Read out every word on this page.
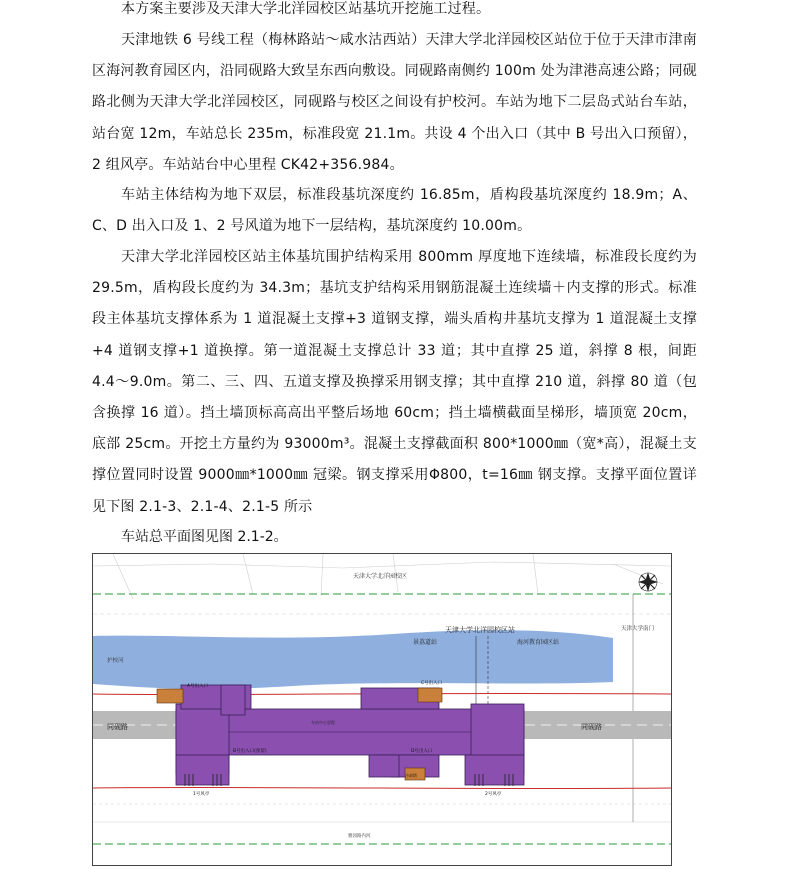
本方案主要涉及天津大学北洋园校区站基坑开挖施工过程。

天津地铁 6 号线工程（梅林路站～咸水沽西站）天津大学北洋园校区站位于位于天津市津南区海河教育园区内，沿同砚路大致呈东西向敷设。同砚路南侧约 100m 处为津港高速公路；同砚路北侧为天津大学北洋园校区，同砚路与校区之间设有护校河。车站为地下二层岛式站台车站，站台宽 12m，车站总长 235m，标准段宽 21.1m。共设 4 个出入口（其中 B 号出入口预留），2 组风亭。车站站台中心里程 CK42+356.984。

车站主体结构为地下双层，标准段基坑深度约 16.85m，盾构段基坑深度约 18.9m；A、C、D 出入口及 1、2 号风道为地下一层结构，基坑深度约 10.00m。

天津大学北洋园校区站主体基坑围护结构采用 800mm 厚度地下连续墙，标准段长度约为 29.5m，盾构段长度约为 34.3m；基坑支护结构采用钢筋混凝土连续墙＋内支撑的形式。标准段主体基坑支撑体系为 1 道混凝土支撑+3 道钢支撑，端头盾构井基坑支撑为 1 道混凝土支撑+4 道钢支撑+1 道换撑。第一道混凝土支撑总计 33 道；其中直撑 25 道，斜撑 8 根，间距 4.4～9.0m。第二、三、四、五道支撑及换撑采用钢支撑；其中直撑 210 道，斜撑 80 道（包含换撑 16 道）。挡土墙顶标高高出平整后场地 60cm；挡土墙横截面呈梯形，墙顶宽 20cm，底部 25cm。开挖土方量约为 93000m³。混凝土支撑截面积 800*1000㎜（宽*高），混凝土支撑位置同时设置 9000㎜*1000㎜ 冠梁。钢支撑采用Φ800，t=16㎜ 钢支撑。支撑平面位置详见下图 2.1-3、2.1-4、2.1-5 所示

车站总平面图见图 2.1-2。
天津大学北洋园校区
护校河
天津大学北洋园校区站
景荔道站	海河教育园区站
天津大学南门
同砚路	同砚路
A号出入口
C号出入口
B号出入口(预留)	D号出入口
冷却塔
1号风亭	2号风亭
车站中心里程
雅园路内河
